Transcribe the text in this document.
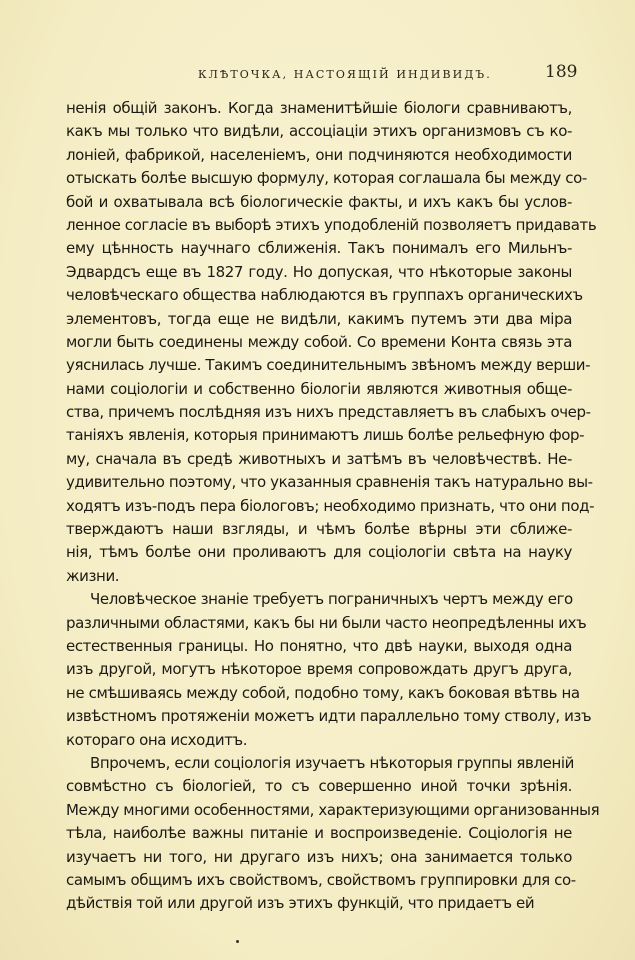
КЛѢТОЧКА, НАСТОЯЩІЙ ИНДИВИДЪ.	189
ненія общій законъ. Когда знаменитѣйшіе біологи сравниваютъ,
какъ мы только что видѣли, ассоціаціи этихъ организмовъ съ ко-
лоніей, фабрикой, населеніемъ, они подчиняются необходимости
отыскать болѣе высшую формулу, которая соглашала бы между со-
бой и охватывала всѣ біологическіе факты, и ихъ какъ бы услов-
ленное согласіе въ выборѣ этихъ уподобленій позволяетъ придавать
ему цѣнность научнаго сближенія. Такъ понималъ его Мильнъ-
Эдвардсъ еще въ 1827 году. Но допуская, что нѣкоторые законы
человѣческаго общества наблюдаются въ группахъ органическихъ
элементовъ, тогда еще не видѣли, какимъ путемъ эти два міра
могли быть соединены между собой. Со времени Конта связь эта
уяснилась лучше. Такимъ соединительнымъ звѣномъ между верши-
нами соціологіи и собственно біологіи являются животныя обще-
ства, причемъ послѣдняя изъ нихъ представляетъ въ слабыхъ очер-
таніяхъ явленія, которыя принимаютъ лишь болѣе рельефную фор-
му, сначала въ средѣ животныхъ и затѣмъ въ человѣчествѣ. Не-
удивительно поэтому, что указанныя сравненія такъ натурально вы-
ходятъ изъ-подъ пера біологовъ; необходимо признать, что они под-
тверждаютъ наши взгляды, и чѣмъ болѣе вѣрны эти сближе-
нія, тѣмъ болѣе они проливаютъ для соціологіи свѣта на науку
жизни.
Человѣческое знаніе требуетъ пограничныхъ чертъ между его
различными областями, какъ бы ни были часто неопредѣленны ихъ
естественныя границы. Но понятно, что двѣ науки, выходя одна
изъ другой, могутъ нѣкоторое время сопровождать другъ друга,
не смѣшиваясь между собой, подобно тому, какъ боковая вѣтвь на
извѣстномъ протяженіи можетъ идти параллельно тому стволу, изъ
котораго она исходитъ.
Впрочемъ, если соціологія изучаетъ нѣкоторыя группы явленій
совмѣстно съ біологіей, то съ совершенно иной точки зрѣнія.
Между многими особенностями, характеризующими организованныя
тѣла, наиболѣе важны питаніе и воспроизведеніе. Соціологія не
изучаетъ ни того, ни другаго изъ нихъ; она занимается только
самымъ общимъ ихъ свойствомъ, свойствомъ группировки для со-
дѣйствія той или другой изъ этихъ функцій, что придаетъ ей
